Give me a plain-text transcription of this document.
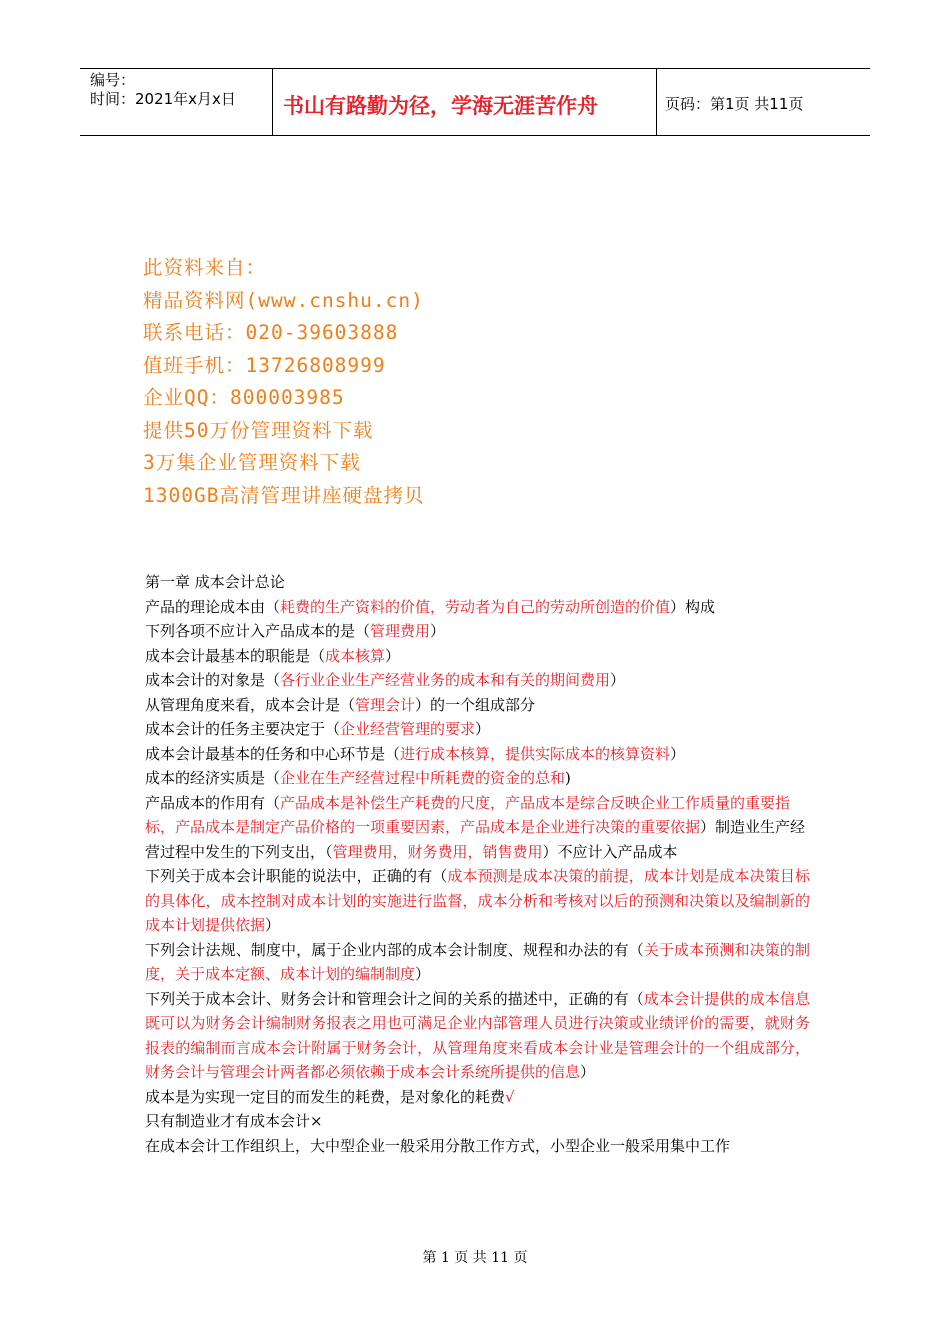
编号：
时间：2021年x月x日 书山有路勤为径，学海无涯苦作舟	页码：第1页 共11页
此资料来自：
精品资料网(www.cnshu.cn)
联系电话：020-39603888
值班手机：13726808999
企业QQ：800003985
提供50万份管理资料下载
3万集企业管理资料下载
1300GB高清管理讲座硬盘拷贝

第一章 成本会计总论

产品的理论成本由（耗费的生产资料的价值，劳动者为自己的劳动所创造的价值）构成

下列各项不应计入产品成本的是（管理费用）

成本会计最基本的职能是（成本核算）

成本会计的对象是（各行业企业生产经营业务的成本和有关的期间费用）

从管理角度来看，成本会计是（管理会计）的一个组成部分

成本会计的任务主要决定于（企业经营管理的要求）

成本会计最基本的任务和中心环节是（进行成本核算，提供实际成本的核算资料）

成本的经济实质是（企业在生产经营过程中所耗费的资金的总和)

产品成本的作用有（产品成本是补偿生产耗费的尺度，产品成本是综合反映企业工作质量的重要指标，产品成本是制定产品价格的一项重要因素，产品成本是企业进行决策的重要依据）制造业生产经营过程中发生的下列支出，（管理费用，财务费用，销售费用）不应计入产品成本

下列关于成本会计职能的说法中，正确的有（成本预测是成本决策的前提，成本计划是成本决策目标的具体化，成本控制对成本计划的实施进行监督，成本分析和考核对以后的预测和决策以及编制新的成本计划提供依据）

下列会计法规、制度中，属于企业内部的成本会计制度、规程和办法的有（关于成本预测和决策的制度，关于成本定额、成本计划的编制制度）

下列关于成本会计、财务会计和管理会计之间的关系的描述中，正确的有（成本会计提供的成本信息既可以为财务会计编制财务报表之用也可满足企业内部管理人员进行决策或业绩评价的需要，就财务报表的编制而言成本会计附属于财务会计，从管理角度来看成本会计业是管理会计的一个组成部分，财务会计与管理会计两者都必须依赖于成本会计系统所提供的信息）

成本是为实现一定目的而发生的耗费，是对象化的耗费√

只有制造业才有成本会计×

在成本会计工作组织上，大中型企业一般采用分散工作方式，小型企业一般采用集中工作

第 1 页 共 11 页
